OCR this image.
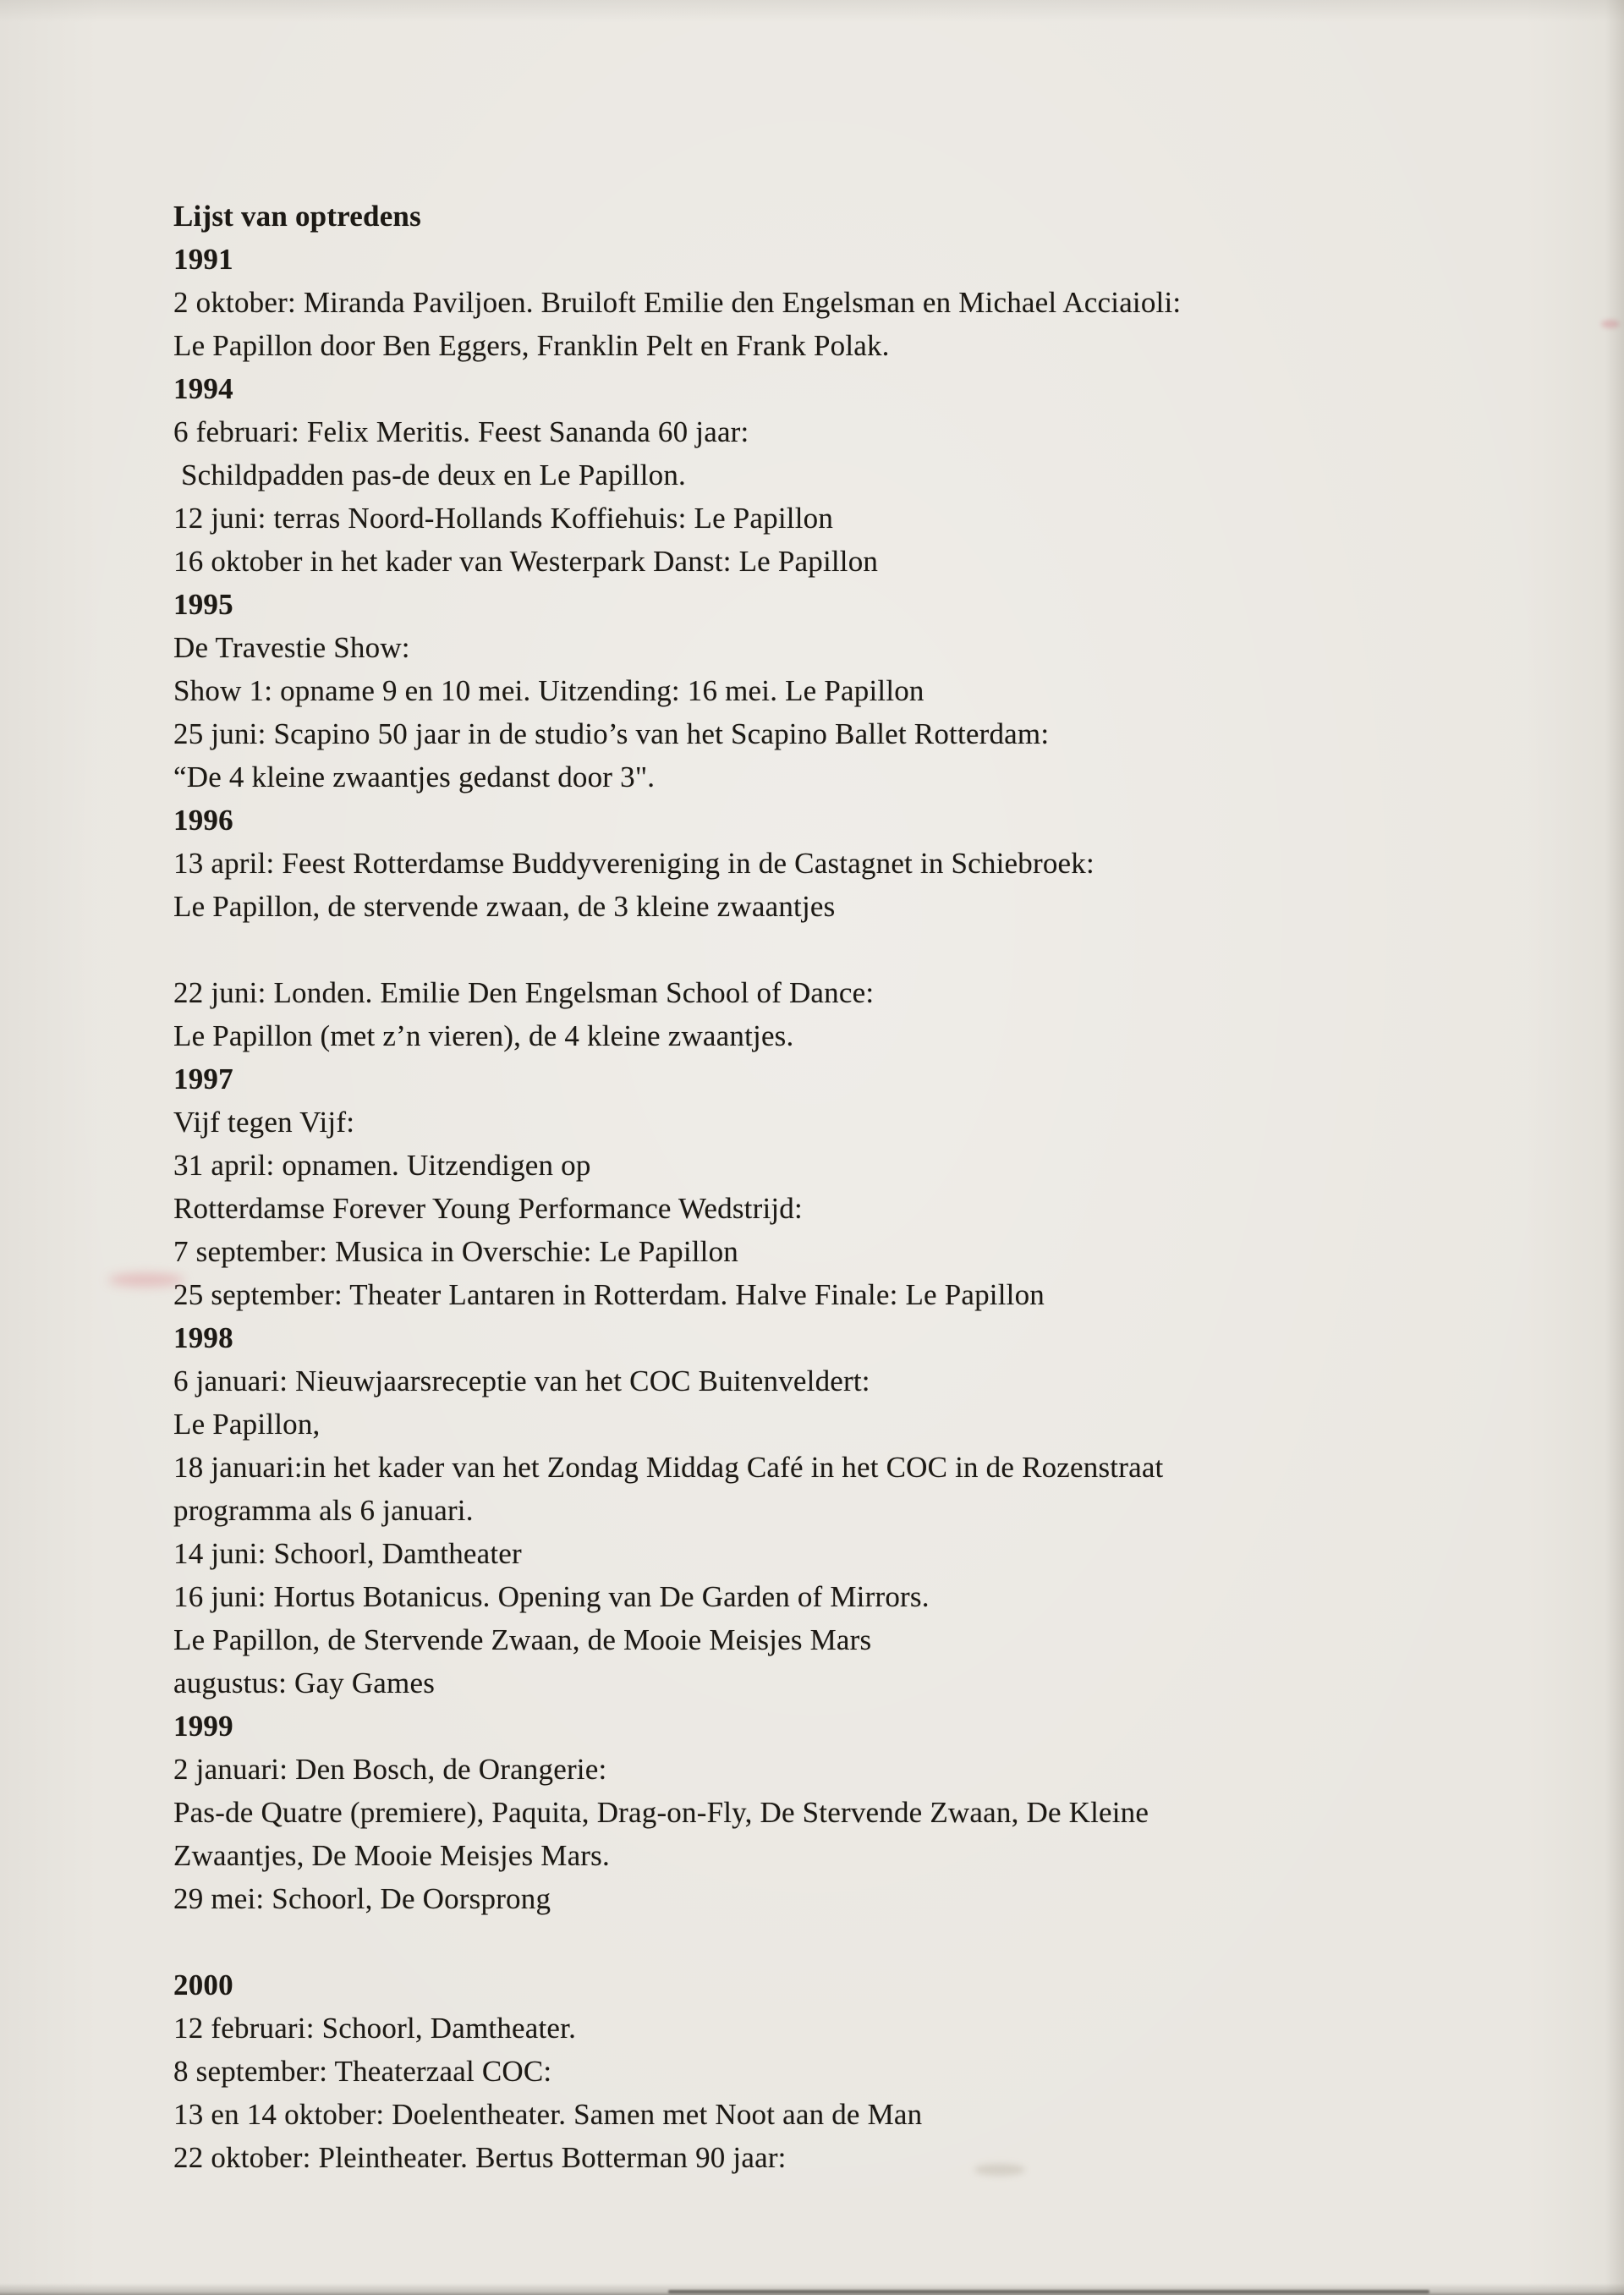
Lijst van optredens
1991
2 oktober: Miranda Paviljoen. Bruiloft Emilie den Engelsman en Michael Acciaioli:
Le Papillon door Ben Eggers, Franklin Pelt en Frank Polak.
1994
6 februari: Felix Meritis. Feest Sananda 60 jaar:
Schildpadden pas-de deux en Le Papillon.
12 juni: terras Noord-Hollands Koffiehuis: Le Papillon
16 oktober in het kader van Westerpark Danst: Le Papillon
1995
De Travestie Show:
Show 1: opname 9 en 10 mei. Uitzending: 16 mei. Le Papillon
25 juni: Scapino 50 jaar in de studio’s van het Scapino Ballet Rotterdam:
“De 4 kleine zwaantjes gedanst door 3".
1996
13 april: Feest Rotterdamse Buddyvereniging in de Castagnet in Schiebroek:
Le Papillon, de stervende zwaan, de 3 kleine zwaantjes

22 juni: Londen. Emilie Den Engelsman School of Dance:
Le Papillon (met z’n vieren), de 4 kleine zwaantjes.
1997
Vijf tegen Vijf:
31 april: opnamen. Uitzendigen op
Rotterdamse Forever Young Performance Wedstrijd:
7 september: Musica in Overschie: Le Papillon
25 september: Theater Lantaren in Rotterdam. Halve Finale: Le Papillon
1998
6 januari: Nieuwjaarsreceptie van het COC Buitenveldert:
Le Papillon,
18 januari:in het kader van het Zondag Middag Café in het COC in de Rozenstraat
programma als 6 januari.
14 juni: Schoorl, Damtheater
16 juni: Hortus Botanicus. Opening van De Garden of Mirrors.
Le Papillon, de Stervende Zwaan, de Mooie Meisjes Mars
augustus: Gay Games
1999
2 januari: Den Bosch, de Orangerie:
Pas-de Quatre (premiere), Paquita, Drag-on-Fly, De Stervende Zwaan, De Kleine
Zwaantjes, De Mooie Meisjes Mars.
29 mei: Schoorl, De Oorsprong

2000
12 februari: Schoorl, Damtheater.
8 september: Theaterzaal COC:
13 en 14 oktober: Doelentheater. Samen met Noot aan de Man
22 oktober: Pleintheater. Bertus Botterman 90 jaar:
